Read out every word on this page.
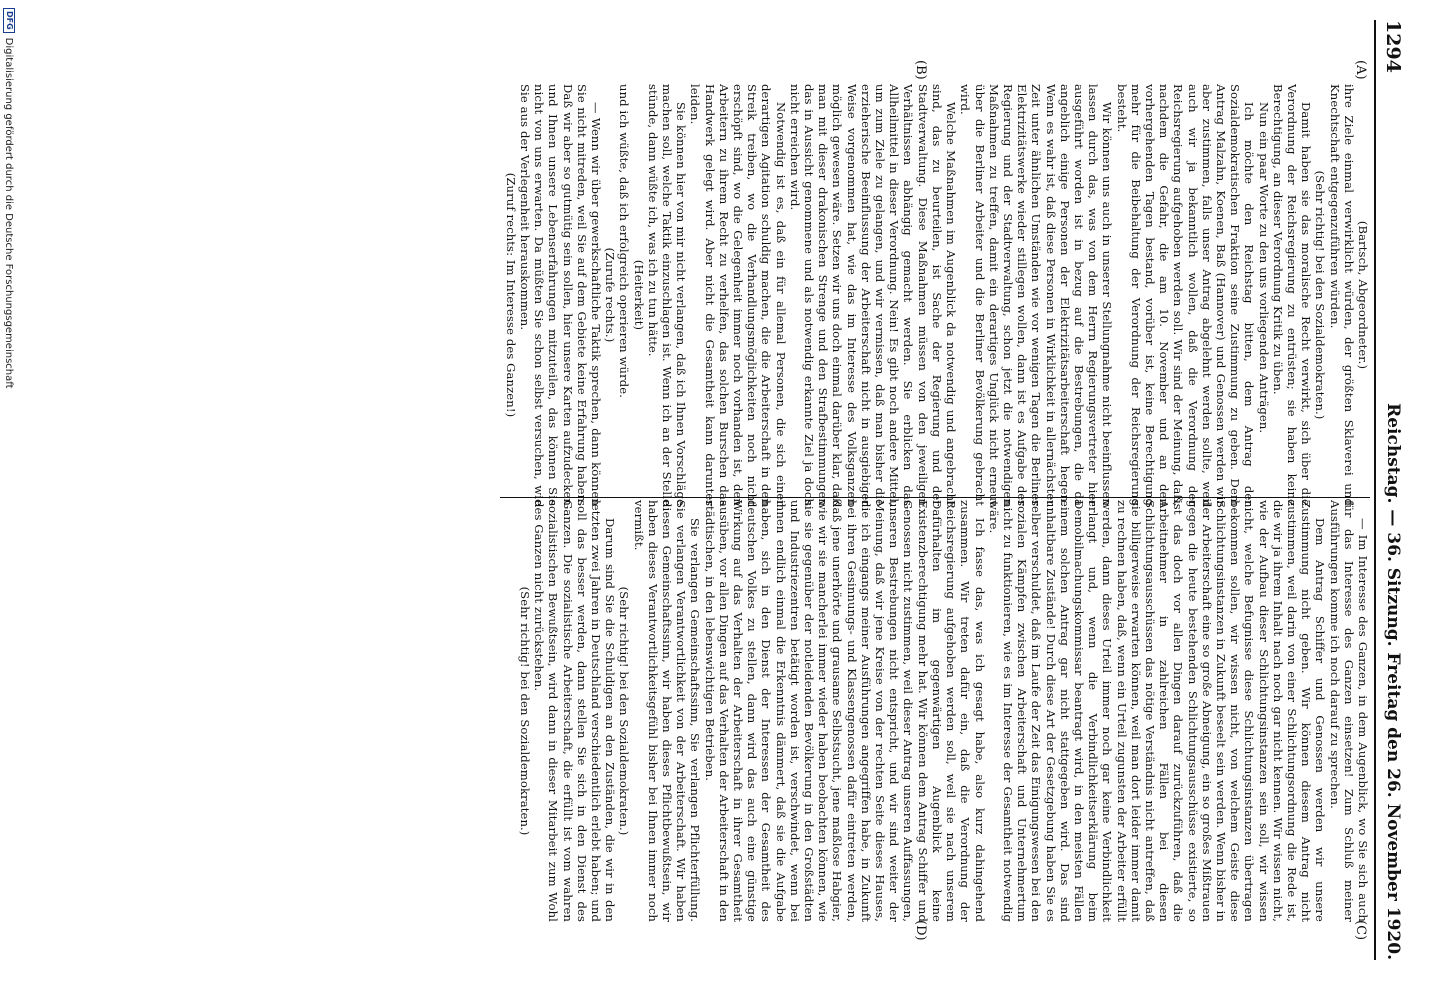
1294
Reichstag. — 36. Sitzung. Freitag den 26. November 1920.
(A)
(B)
(C)
(D)

(Bartsch, Abgeordneter.)

ihre Ziele einmal verwirklicht würden, der größten Sklaverei und Knechtschaft entgegenzuführen würden.

(Sehr richtig! bei den Sozialdemokraten.)

Damit haben sie das moralische Recht verwirkt, sich über die Verordnung der Reichsregierung zu entrüsten; sie haben keine Berechtigung, an dieser Verordnung Kritik zu üben.

Nun ein paar Worte zu den uns vorliegenden Anträgen.

Ich möchte den Reichstag bitten, dem Antrag der Sozialdemokratischen Fraktion seine Zustimmung zu geben. Dem Antrag Malzahn, Koenen, Baß (Hannover) und Genossen werden wir aber zustimmen, falls unser Antrag abgelehnt werden sollte, weil auch wir ja bekanntlich wollen, daß die Verordnung der Reichsregierung aufgehoben werden soll. Wir sind der Meinung, daß, nachdem die Gefahr, die am 10. November und an den vorhergehenden Tagen bestand, vorüber ist, keine Berechtigung mehr für die Beibehaltung der Verordnung der Reichsregierung besteht.

Wir können uns auch in unserer Stellungnahme nicht beeinflussen lassen durch das, was von dem Herrn Regierungsvertreter hier ausgeführt worden ist in bezug auf die Bestrebungen, die da angeblich einige Personen der Elektrizitätsarbeiterschaft hegen. Wenn es wahr ist, daß diese Personen in Wirklichkeit in allernächster Zeit unter ähnlichen Umständen wie vor wenigen Tagen die Berliner Elektrizitätswerke wieder stillegen wollen, dann ist es Aufgabe der Regierung und der Stadtverwaltung, schon jetzt die notwendigen Maßnahmen zu treffen, damit ein derartiges Unglück nicht erneut über die Berliner Arbeiter und die Berliner Bevölkerung gebracht wird.

Welche Maßnahmen im Augenblick da notwendig und angebracht sind, das zu beurteilen, ist Sache der Regierung und der Stadtverwaltung. Diese Maßnahmen müssen von den jeweiligen Verhältnissen abhängig gemacht werden. Sie erblicken das Allheilmittel in dieser Verordnung. Nein! Es gibt noch andere Mittel, um zum Ziele zu gelangen, und wir vermissen, daß man bisher die erzieherische Beeinflussung der Arbeiterschaft nicht in ausgiebiger Weise vorgenommen hat, wie das im Interesse des Volksganzen möglich gewesen wäre. Setzen wir uns doch einmal darüber klar, daß man mit dieser drakonischen Strenge und den Strafbestimmungen das in Aussicht genommene und als notwendig erkannte Ziel ja doch nicht erreichen wird.

Notwendig ist es, daß ein für allemal Personen, die sich einer derartigen Agitation schuldig machen, die die Arbeiterschaft in den Streik treiben, wo die Verhandlungsmöglichkeiten noch nicht erschöpft sind, wo die Gelegenheit immer noch vorhanden ist, den Arbeitern zu ihrem Recht zu verhelfen, das solchen Burschen das Handwerk gelegt wird. Aber nicht die Gesamtheit kann darunter leiden.

Sie können hier von mir nicht verlangen, daß ich Ihnen Vorschläge machen soll, welche Taktik einzuschlagen ist. Wenn ich an der Stelle stünde, dann wüßte ich, was ich zu tun hätte.

(Heiterkeit)

und ich wüßte, daß ich erfolgreich operieren würde.

(Zurufe rechts.)

— Wenn wir über gewerkschaftliche Taktik sprechen, dann können Sie nicht mitreden, weil Sie auf dem Gebiete keine Erfahrung haben. Daß wir aber so gutmütig sein sollen, hier unsere Karten aufzudecken und Ihnen unsere Lebenserfahrungen mitzuteilen, das können Sie nicht von uns erwarten. Da müßten Sie schon selbst versuchen, wie Sie aus der Verlegenheit herauskommen.

(Zuruf rechts: Im Interesse des Ganzen!)

— Im Interesse des Ganzen, in dem Augenblick, wo Sie sich auch für das Interesse des Ganzen einsetzen! Zum Schluß meiner Ausführungen komme ich noch darauf zu sprechen.

Dem Antrag Schiffer und Genossen werden wir unsere Zustimmung nicht geben. Wir können diesem Antrag nicht zustimmen, weil darin von einer Schlichtungsordnung die Rede ist, die wir ja ihrem Inhalt nach noch gar nicht kennen. Wir wissen nicht, wie der Aufbau dieser Schlichtungsinstanzen sein soll, wir wissen nicht, welche Befugnisse diese Schlichtungsinstanzen übertragen bekommen sollen, wir wissen nicht, von welchem Geiste diese Schlichtungsinstanzen in Zukunft beseelt sein werden. Wenn bisher in der Arbeiterschaft eine so große Abneigung, ein so großes Mißtrauen gegen die heute bestehenden Schlichtungsausschüsse existierte, so ist das doch vor allen Dingen darauf zurückzuführen, daß die Arbeitnehmer in zahlreichen Fällen bei diesen Schlichtungsausschüssen das nötige Verständnis nicht antreffen, daß sie billigerweise erwarten können, weil man dort leider immer damit zu rechnen haben, daß, wenn ein Urteil zugunsten der Arbeiter erfüllt werden, dann dieses Urteil immer noch gar keine Verbindlichkeit erlangt und, wenn die Verbindlichkeitserklärung beim Demobilmachungskommissar beantragt wird, in den meisten Fällen einem solchen Antrag gar nicht stattgegeben wird. Das sind unhaltbare Zustände! Durch diese Art der Gesetzgebung haben Sie es selber verschuldet, daß im Laufe der Zeit das Einigungswesen bei den sozialen Kämpfen zwischen Arbeiterschaft und Unternehmertum nicht zu funktionieren, wie es im Interesse der Gesamtheit notwendig wäre.

Ich fasse das, was ich gesagt habe, also kurz dahingehend zusammen. Wir treten dafür ein, daß die Verordnung der Reichsregierung aufgehoben werden soll, weil sie nach unserem Dafürhalten im gegenwärtigen Augenblick keine Existenzberechtigung mehr hat. Wir können dem Antrag Schiffer und Genossen nicht zustimmen, weil dieser Antrag unseren Auffassungen, unseren Bestrebungen nicht entspricht, und wir sind weiter der Meinung, daß wir jene Kreise von der rechten Seite dieses Hauses, die ich eingangs meiner Ausführungen angegriffen habe, in Zukunft bei ihren Gesinnungs- und Klassengenossen dafür eintreten werden, daß jene unerhörte und grausame Selbstsucht, jene maßlose Habgier, wie wir sie mancherlei immer wieder haben beobachten können, wie sie sie gegenüber der notleidenden Bevölkerung in den Großstädten und Industriezentren betätigt worden ist, verschwindet, wenn bei ihnen endlich einmal die Erkenntnis dämmert, daß sie die Aufgabe haben, sich in den Dienst der Interessen der Gesamtheit des deutschen Volkes zu stellen, dann wird das auch eine günstige Wirkung auf das Verhalten der Arbeiterschaft in ihrer Gesamtheit ausüben, vor allen Dingen auf das Verhalten der Arbeiterschaft in den städtischen, in den lebenswichtigen Betrieben.

Sie verlangen Gemeinschaftssinn, Sie verlangen Pflichterfüllung. Sie verlangen Verantwortlichkeit von der Arbeiterschaft. Wir haben diesen Gemeinschaftssinn, wir haben dieses Pflichtbewußtsein, wir haben dieses Verantwortlichkeitsgefühl bisher bei Ihnen immer noch vermißt.

(Sehr richtig! bei den Sozialdemokraten.)

Darum sind Sie die Schuldigen an den Zuständen, die wir in den letzten zwei Jahren in Deutschland verschiedentlich erlebt haben; und soll das besser werden, dann stellen Sie sich in den Dienst des Ganzen. Die sozialistische Arbeiterschaft, die erfüllt ist vom wahren sozialistischen Bewußtsein, wird dann in dieser Mitarbeit zum Wohl des Ganzen nicht zurückstehen.

(Sehr richtig! bei den Sozialdemokraten.)

DFG
Digitalisierung gefördert durch die Deutsche Forschungsgemeinschaft
